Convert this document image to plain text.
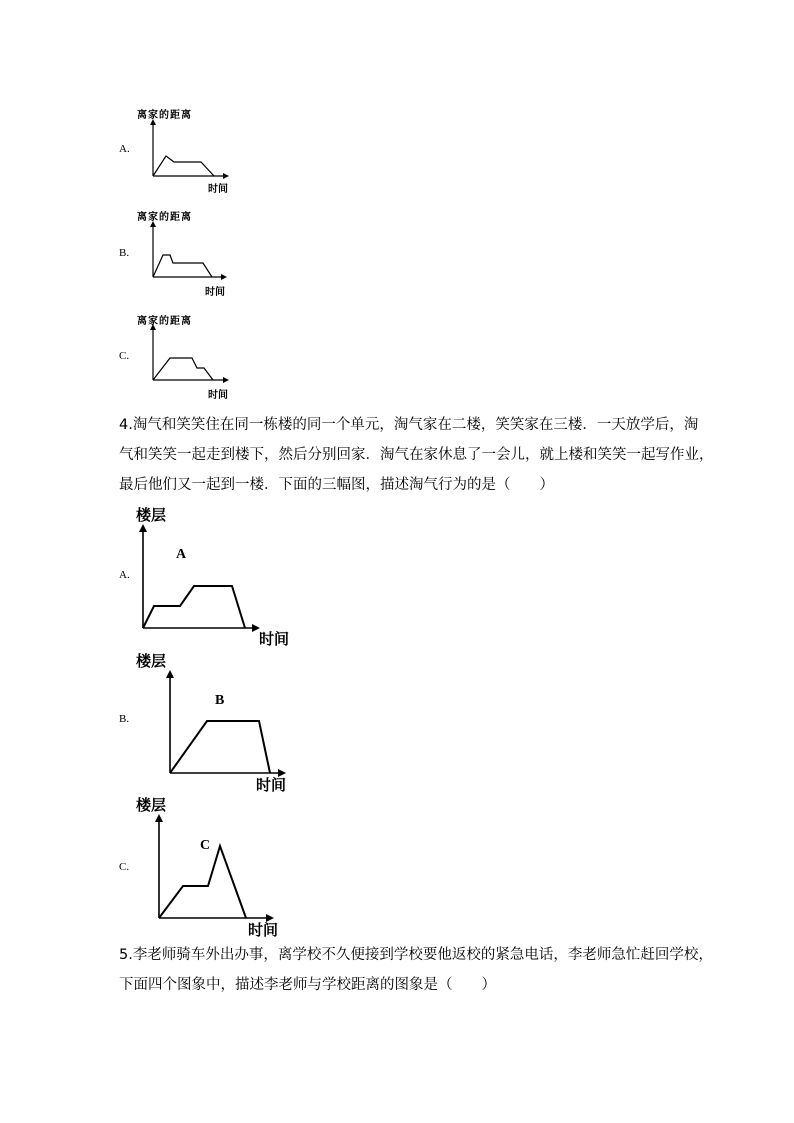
A.
离家的距离
时间
B.
离家的距离
时间
C.
离家的距离
时间
4.淘气和笑笑住在同一栋楼的同一个单元，淘气家在二楼，笑笑家在三楼．一天放学后，淘
气和笑笑一起走到楼下，然后分别回家．淘气在家休息了一会儿，就上楼和笑笑一起写作业，
最后他们又一起到一楼．下面的三幅图，描述淘气行为的是（　　）
A.
楼层
A
时间
B.
楼层
B
时间
C.
楼层
C
时间
5.李老师骑车外出办事，离学校不久便接到学校要他返校的紧急电话，李老师急忙赶回学校，
下面四个图象中，描述李老师与学校距离的图象是（　　）
